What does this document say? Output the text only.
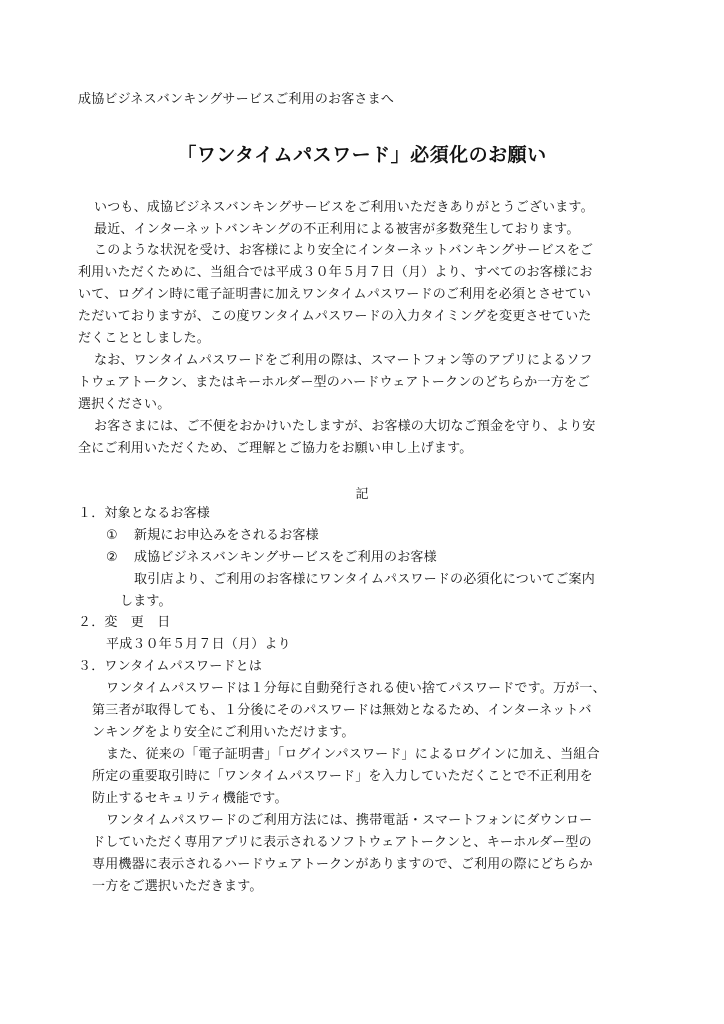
成協ビジネスバンキングサービスご利用のお客さまへ
「ワンタイムパスワード」必須化のお願い
いつも、成協ビジネスバンキングサービスをご利用いただきありがとうございます。
最近、インターネットバンキングの不正利用による被害が多数発生しております。
このような状況を受け、お客様により安全にインターネットバンキングサービスをご
利用いただくために、当組合では平成３０年５月７日（月）より、すべてのお客様にお
いて、ログイン時に電子証明書に加えワンタイムパスワードのご利用を必須とさせてい
ただいておりますが、この度ワンタイムパスワードの入力タイミングを変更させていた
だくこととしました。
なお、ワンタイムパスワードをご利用の際は、スマートフォン等のアプリによるソフ
トウェアトークン、またはキーホルダー型のハードウェアトークンのどちらか一方をご
選択ください。
お客さまには、ご不便をおかけいたしますが、お客様の大切なご預金を守り、より安
全にご利用いただくため、ご理解とご協力をお願い申し上げます。
記
１．対象となるお客様
① 新規にお申込みをされるお客様
② 成協ビジネスバンキングサービスをご利用のお客様
取引店より、ご利用のお客様にワンタイムパスワードの必須化についてご案内
します。
２．変　更　日
平成３０年５月７日（月）より
３．ワンタイムパスワードとは
ワンタイムパスワードは１分毎に自動発行される使い捨てパスワードです。万が一、
第三者が取得しても、１分後にそのパスワードは無効となるため、インターネットバ
ンキングをより安全にご利用いただけます。
また、従来の「電子証明書」「ログインパスワード」によるログインに加え、当組合
所定の重要取引時に「ワンタイムパスワード」を入力していただくことで不正利用を
防止するセキュリティ機能です。
ワンタイムパスワードのご利用方法には、携帯電話・スマートフォンにダウンロー
ドしていただく専用アプリに表示されるソフトウェアトークンと、キーホルダー型の
専用機器に表示されるハードウェアトークンがありますので、ご利用の際にどちらか
一方をご選択いただきます。
